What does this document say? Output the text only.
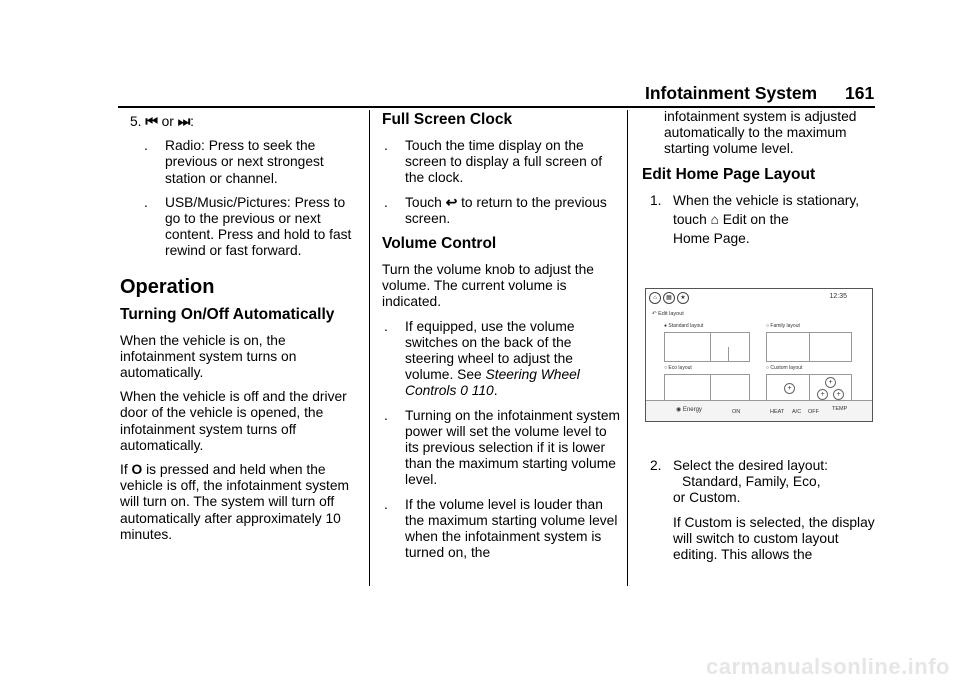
Infotainment System 161
5. ⏮ or ⏭:
. Radio: Press to seek the previous or next strongest station or channel.
. USB/Music/Pictures: Press to go to the previous or next content. Press and hold to fast rewind or fast forward.
Operation
Turning On/Off Automatically

When the vehicle is on, the infotainment system turns on automatically.

When the vehicle is off and the driver door of the vehicle is opened, the infotainment system turns off automatically.

If O is pressed and held when the vehicle is off, the infotainment system will turn on. The system will turn off automatically after approximately 10 minutes.

Full Screen Clock
. Touch the time display on the screen to display a full screen of the clock.
. Touch ↩ to return to the previous screen.
Volume Control

Turn the volume knob to adjust the volume. The current volume is indicated.

. If equipped, use the volume switches on the back of the steering wheel to adjust the volume. See Steering Wheel Controls 0 110.
. Turning on the infotainment system power will set the volume level to its previous selection if it is lower than the maximum starting volume level.
. If the volume level is louder than the maximum starting volume level when the infotainment system is turned on, the

infotainment system is adjusted automatically to the maximum starting volume level.

Edit Home Page Layout
1. When the vehicle is stationary,
touch ⌂ Edit on the
Home Page.
⌂	▦	★	12:35
↶ Edit layout
● Standard layout	○ Family layout
○ Eco layout	○ Custom layout
+
+
+	+
◉ Energy	ON	HEAT A/C OFF TEMP
2. Select the desired layout:
Standard, Family, Eco,
or Custom.
If Custom is selected, the display will switch to custom layout editing. This allows the
carmanualsonline.info
